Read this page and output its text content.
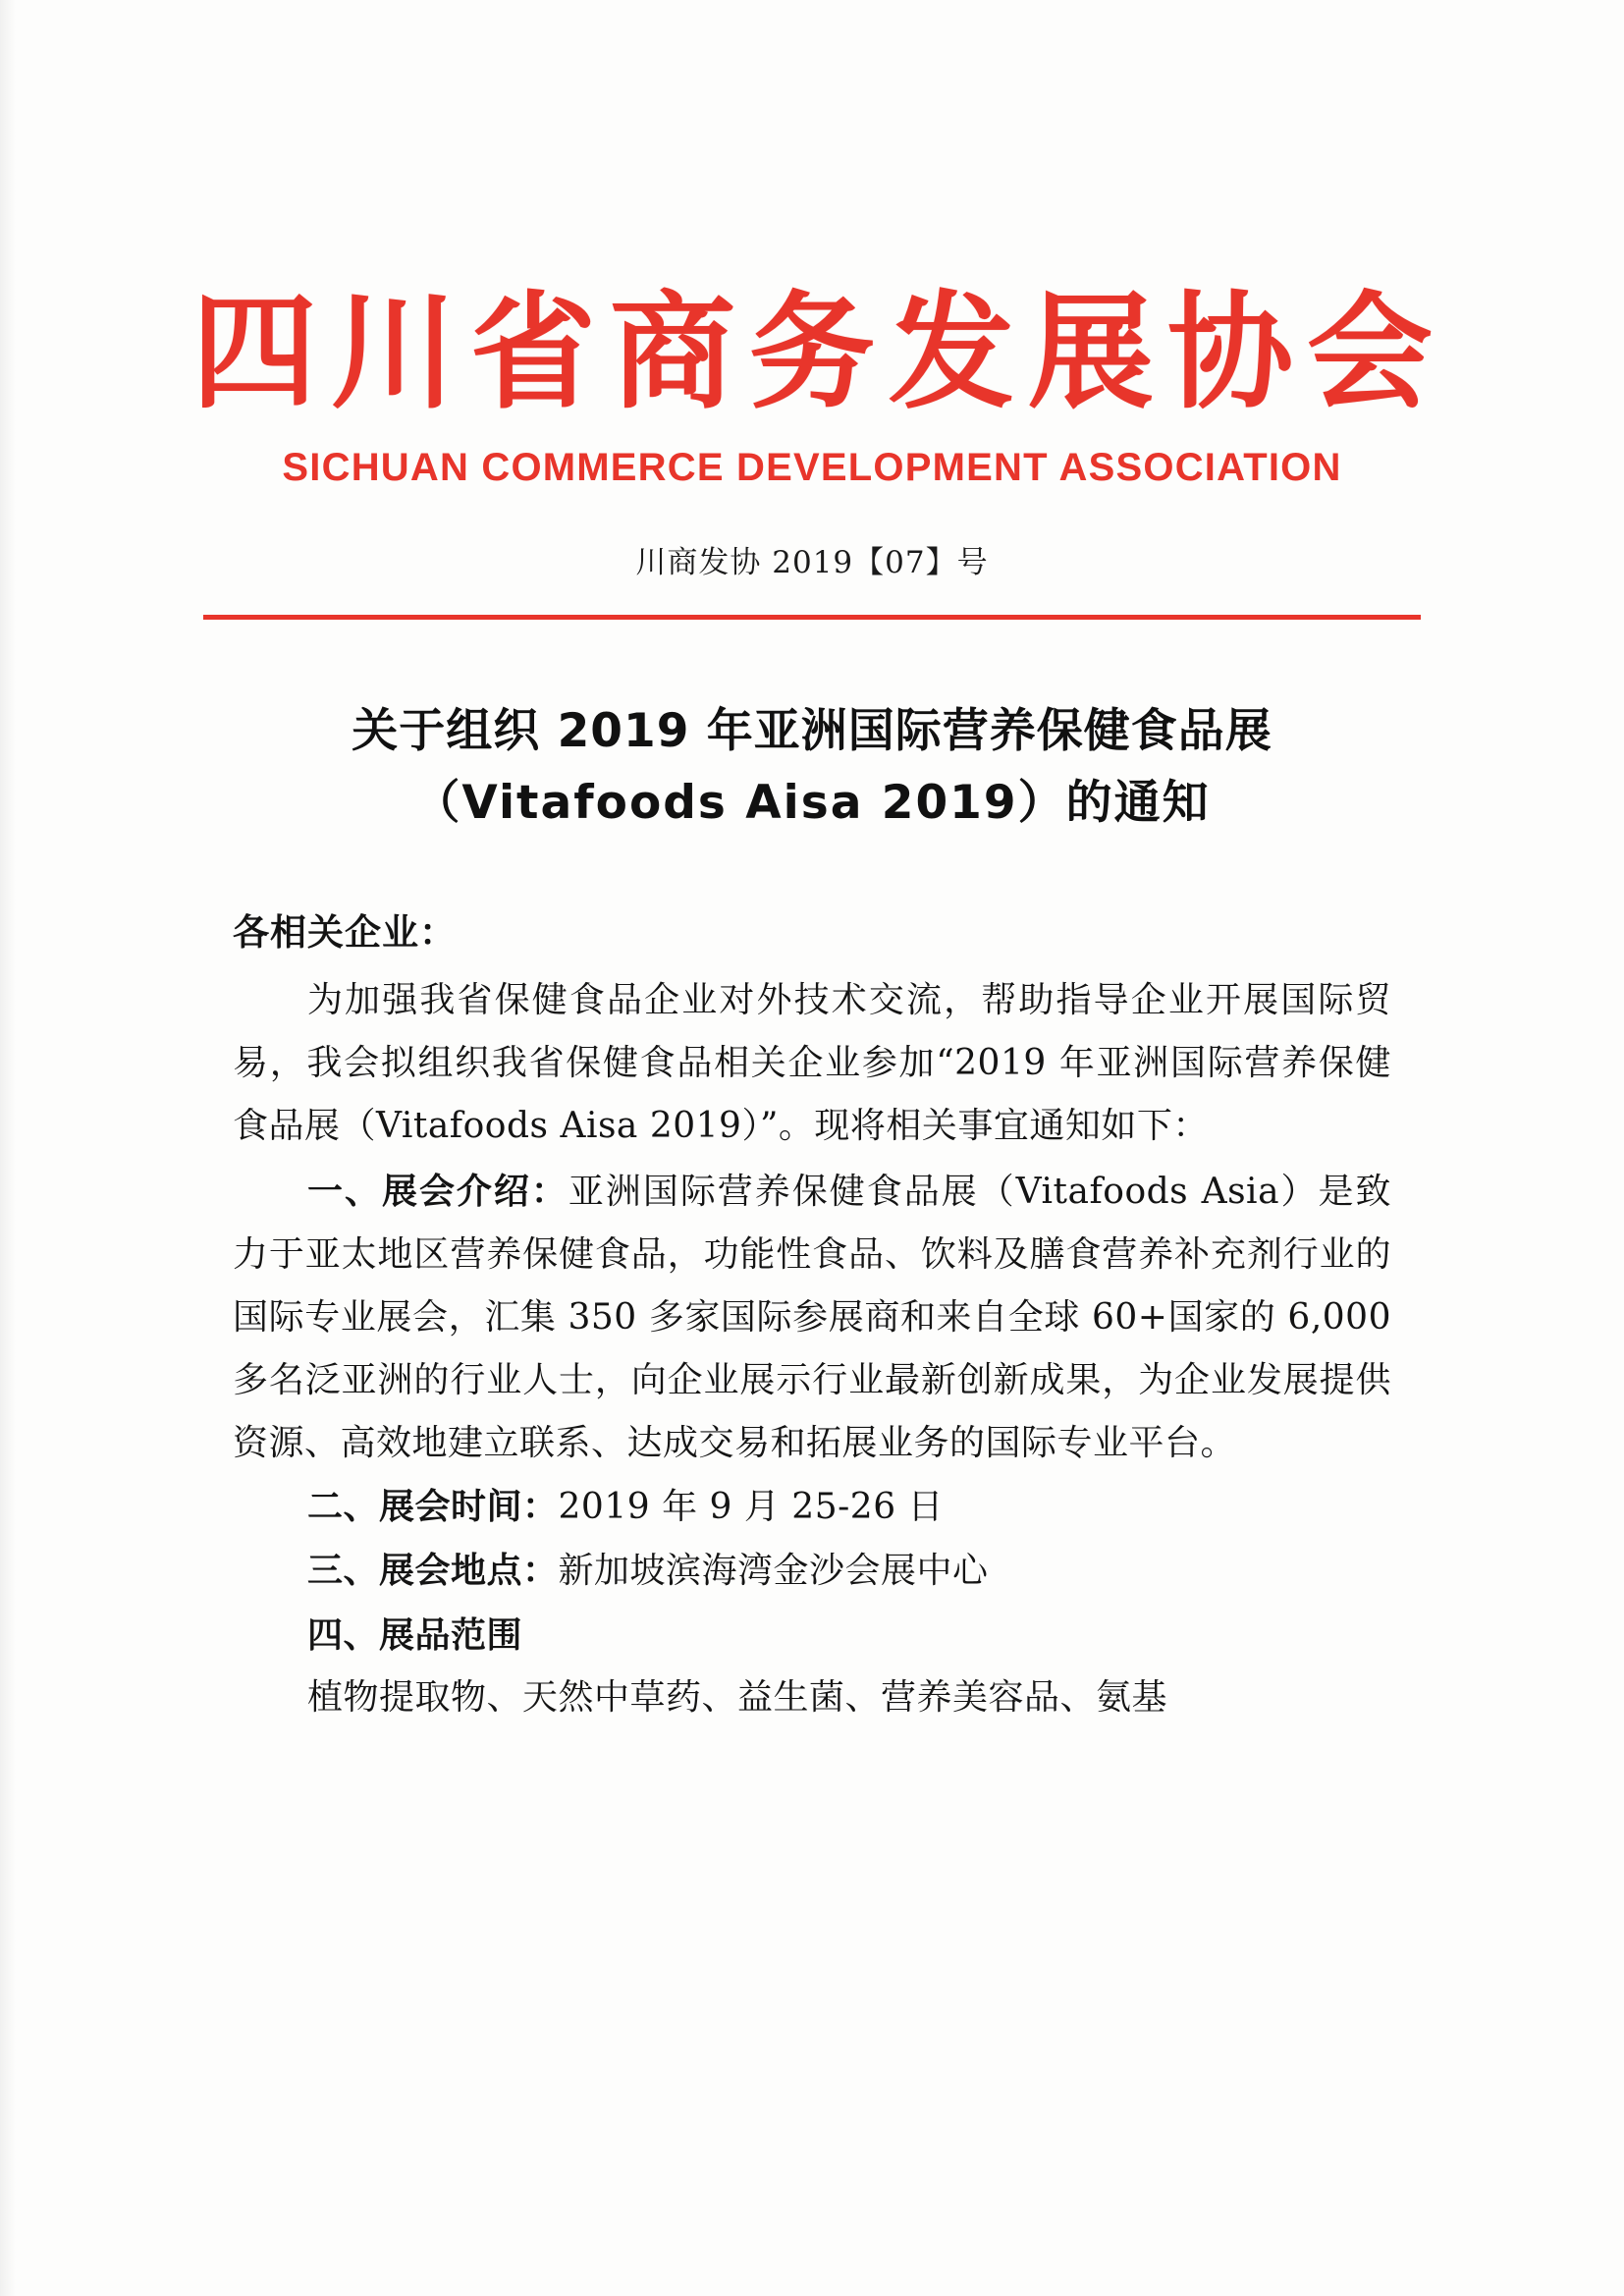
四川省商务发展协会
SICHUAN COMMERCE DEVELOPMENT ASSOCIATION
川商发协 2019【07】号
关于组织 2019 年亚洲国际营养保健食品展
（Vitafoods Aisa 2019）的通知
各相关企业：

为加强我省保健食品企业对外技术交流，帮助指导企业开展国际贸易，我会拟组织我省保健食品相关企业参加“2019 年亚洲国际营养保健食品展（Vitafoods Aisa 2019）”。现将相关事宜通知如下：

一、展会介绍：亚洲国际营养保健食品展（Vitafoods Asia）是致力于亚太地区营养保健食品，功能性食品、饮料及膳食营养补充剂行业的国际专业展会，汇集 350 多家国际参展商和来自全球 60+国家的 6,000 多名泛亚洲的行业人士，向企业展示行业最新创新成果，为企业发展提供资源、高效地建立联系、达成交易和拓展业务的国际专业平台。

二、展会时间：2019 年 9 月 25-26 日

三、展会地点：新加坡滨海湾金沙会展中心

四、展品范围

植物提取物、天然中草药、益生菌、营养美容品、氨基
